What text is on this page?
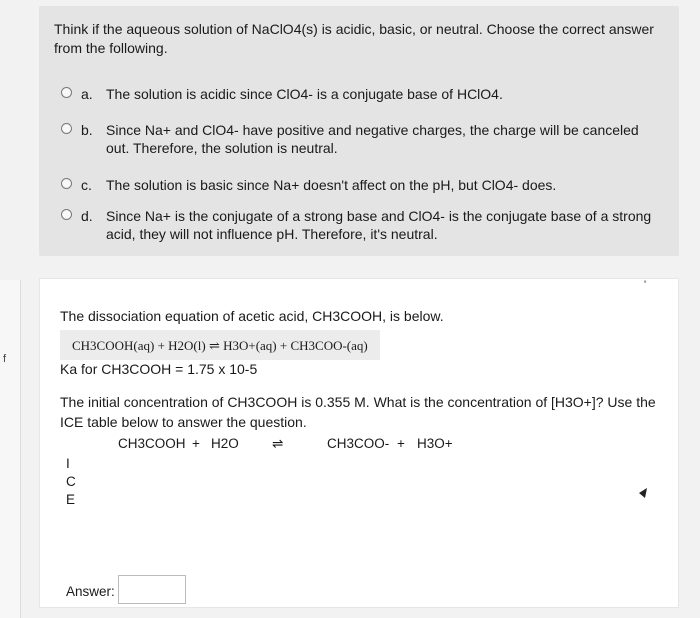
f
Think if the aqueous solution of NaClO4(s) is acidic, basic, or neutral. Choose the correct answer from the following.
a. The solution is acidic since ClO4- is a conjugate base of HClO4.
b. Since Na+ and ClO4- have positive and negative charges, the charge will be canceled out. Therefore, the solution is neutral.
c. The solution is basic since Na+ doesn't affect on the pH, but ClO4- does.
d. Since Na+ is the conjugate of a strong base and ClO4- is the conjugate base of a strong acid, they will not influence pH. Therefore, it's neutral.
'
The dissociation equation of acetic acid, CH3COOH, is below.
CH3COOH(aq) + H2O(l) ⇌ H3O+(aq) + CH3COO-(aq)
Ka for CH3COOH = 1.75 x 10-5
The initial concentration of CH3COOH is 0.355 M. What is the concentration of [H3O+]? Use the ICE table below to answer the question.
CH3COOH + H2O ⇌	CH3COO- + H3O+
I
C
E
Answer:
